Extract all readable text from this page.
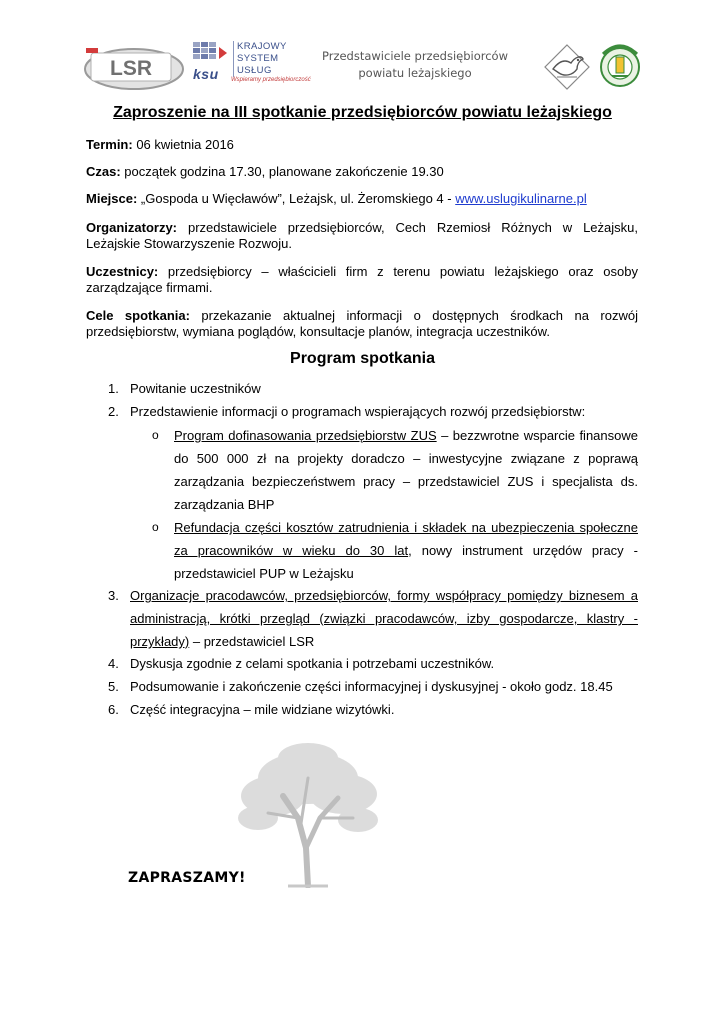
LSR	ksu
KRAJOWY
SYSTEM
USŁUG
Wspieramy przedsiębiorczość
Przedstawiciele przedsiębiorców
powiatu leżajskiego
Zaproszenie na III spotkanie przedsiębiorców powiatu leżajskiego

Termin: 06 kwietnia 2016

Czas: początek godzina 17.30, planowane zakończenie 19.30

Miejsce: „Gospoda u Więcławów”, Leżajsk, ul. Żeromskiego 4 - www.uslugikulinarne.pl

Organizatorzy: przedstawiciele przedsiębiorców, Cech Rzemiosł Różnych w Leżajsku, Leżajskie Stowarzyszenie Rozwoju.

Uczestnicy: przedsiębiorcy – właścicieli firm z terenu powiatu leżajskiego oraz osoby zarządzające firmami.

Cele spotkania: przekazanie aktualnej informacji o dostępnych środkach na rozwój przedsiębiorstw, wymiana poglądów, konsultacje planów, integracja uczestników.

Program spotkania
1. Powitanie uczestników

2. Przedstawienie informacji o programach wspierających rozwój przedsiębiorstw:

o Program dofinasowania przedsiębiorstw ZUS – bezzwrotne wsparcie finansowe do 500 000 zł na projekty doradczo – inwestycyjne związane z poprawą zarządzania bezpieczeństwem pracy – przedstawiciel ZUS i specjalista ds. zarządzania BHP

o Refundacja części kosztów zatrudnienia i składek na ubezpieczenia społeczne za pracowników w wieku do 30 lat, nowy instrument urzędów pracy - przedstawiciel PUP w Leżajsku

3. Organizacje pracodawców, przedsiębiorców, formy współpracy pomiędzy biznesem a administracją, krótki przegląd (związki pracodawców, izby gospodarcze, klastry - przykłady) – przedstawiciel LSR

4. Dyskusja zgodnie z celami spotkania i potrzebami uczestników.

5. Podsumowanie i zakończenie części informacyjnej i dyskusyjnej - około godz. 18.45

6. Część integracyjna – mile widziane wizytówki.

ZAPRASZAMY!
